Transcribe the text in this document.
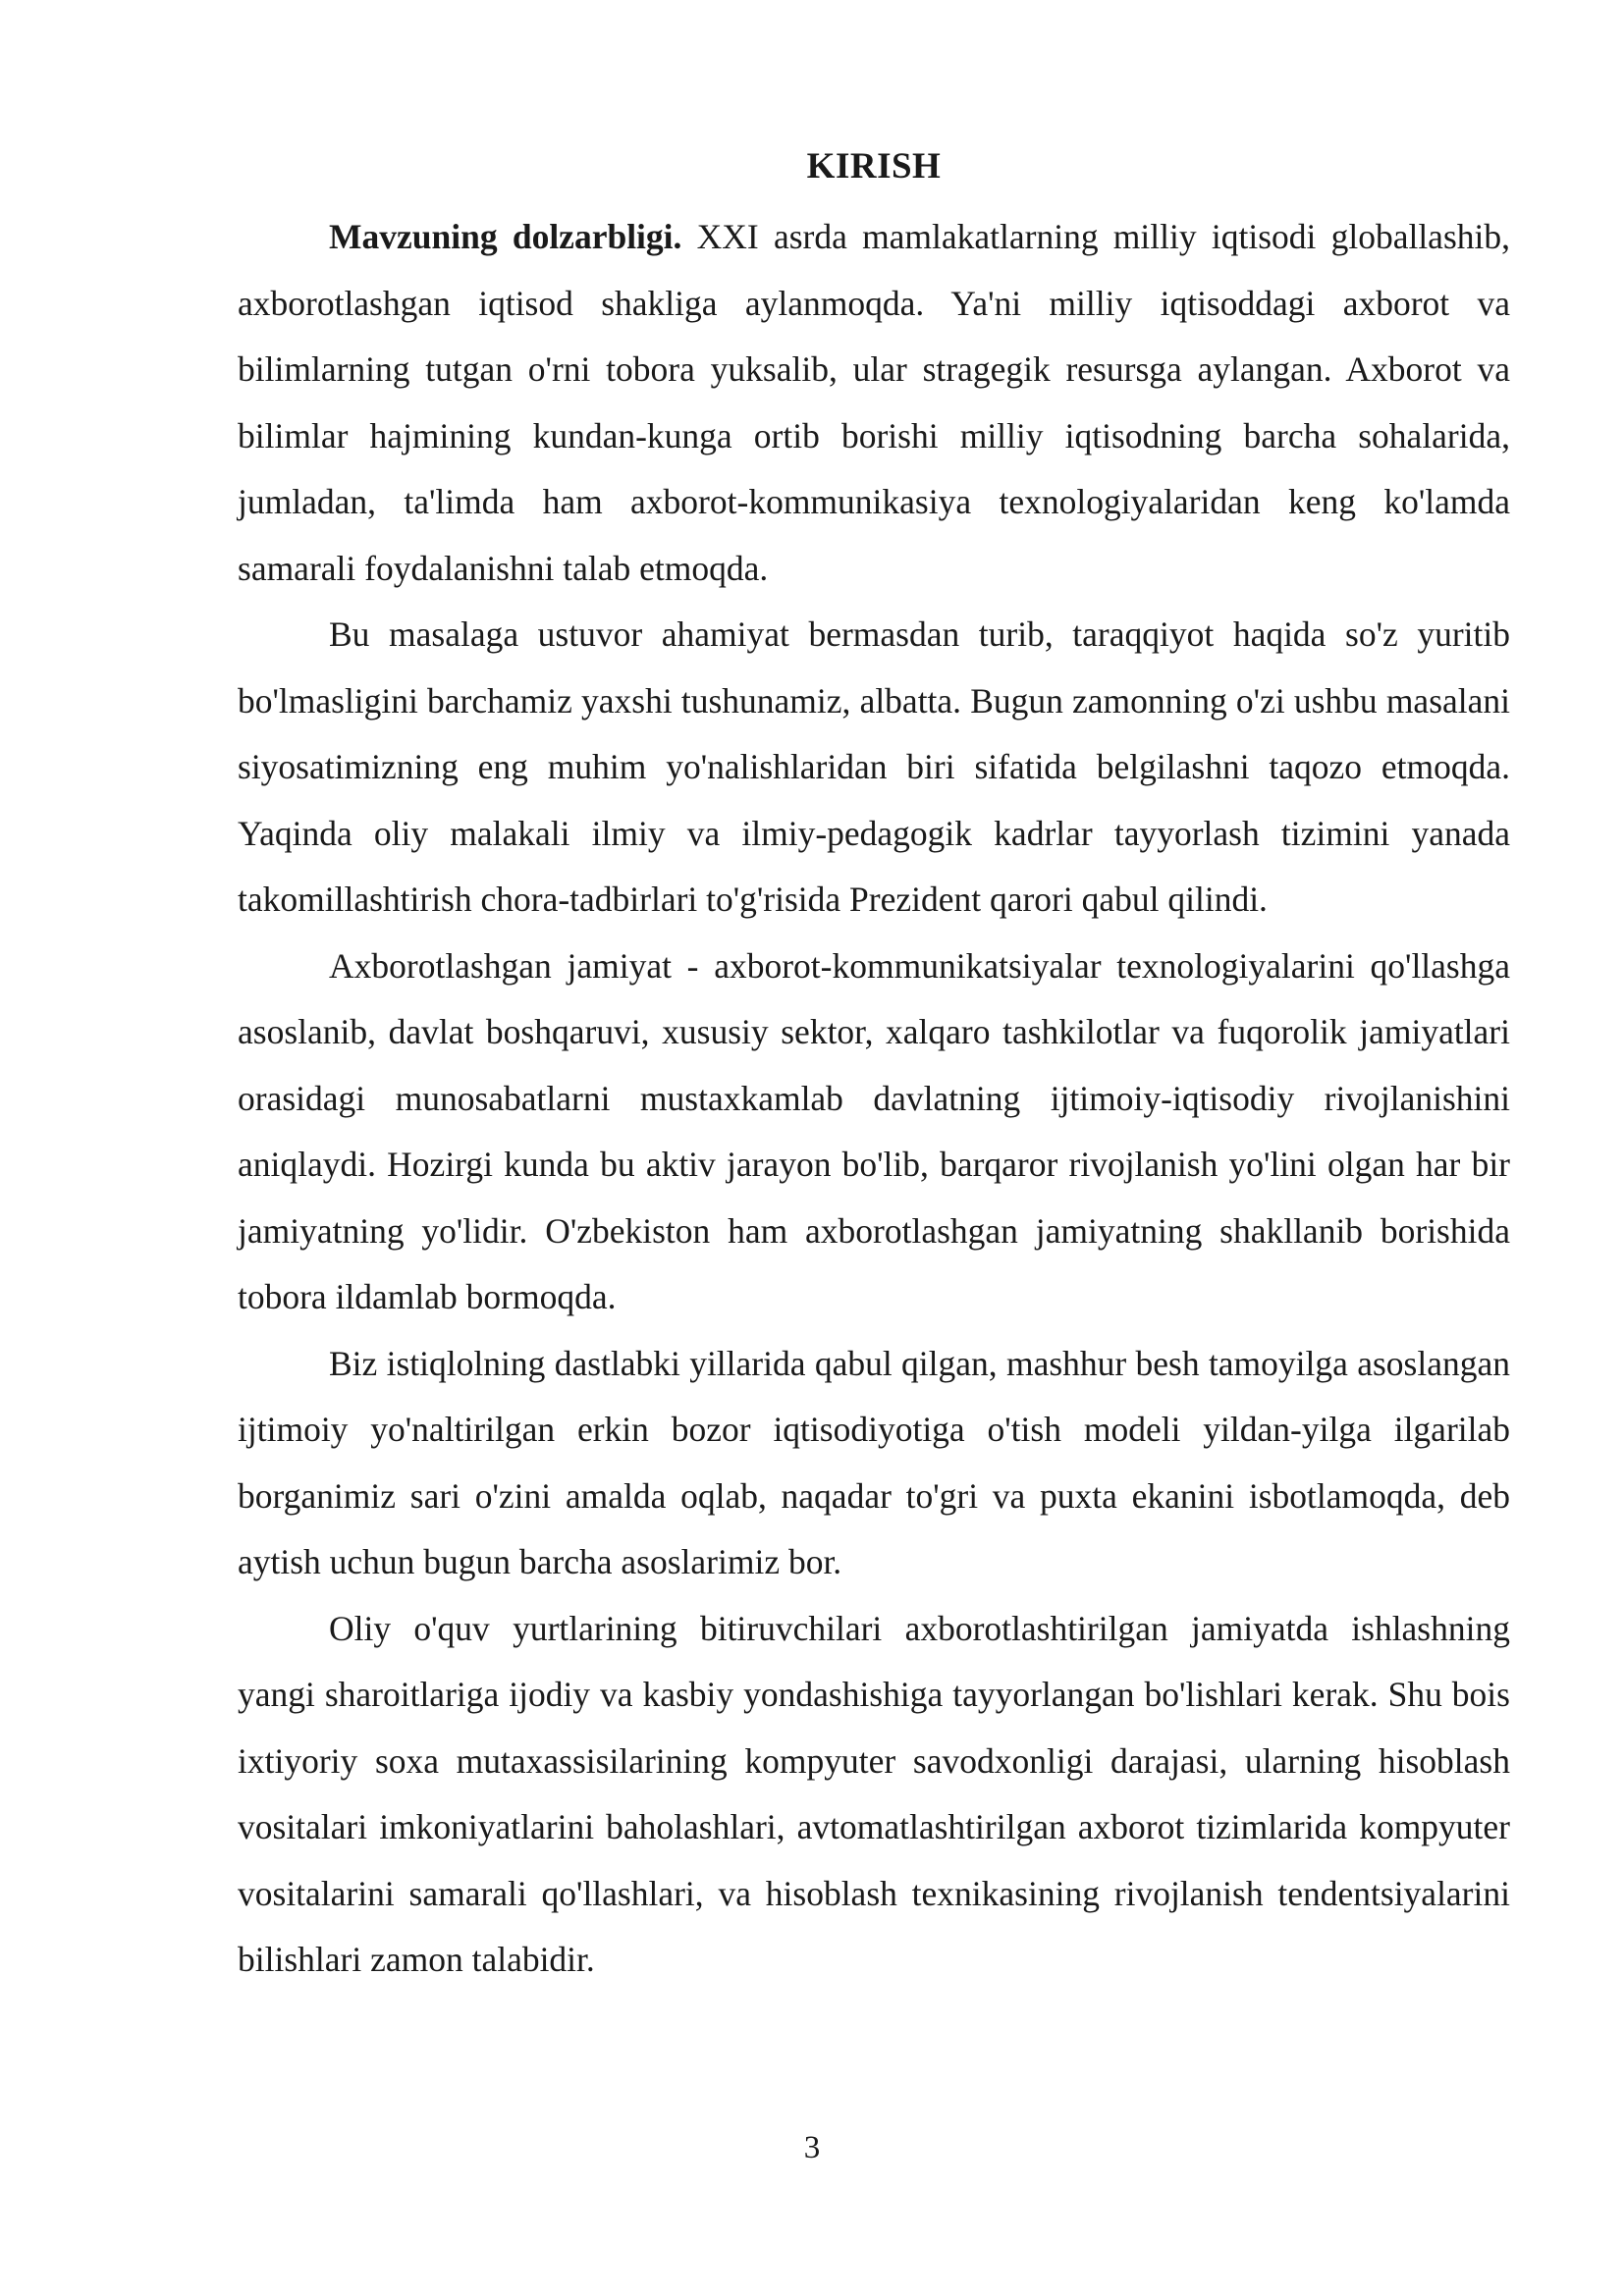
KIRISH

Mavzuning dolzarbligi. XXI asrda mamlakatlarning milliy iqtisodi globallashib, axborotlashgan iqtisod shakliga aylanmoqda. Ya'ni milliy iqtisoddagi axborot va bilimlarning tutgan o'rni tobora yuksalib, ular stragegik resursga aylangan. Axborot va bilimlar hajmining kundan-kunga ortib borishi milliy iqtisodning barcha sohalarida, jumladan, ta'limda ham axborot-kommunikasiya texnologiyalaridan keng ko'lamda samarali foydalanishni talab etmoqda.

Bu masalaga ustuvor ahamiyat bermasdan turib, taraqqiyot haqida so'z yuritib bo'lmasligini barchamiz yaxshi tushunamiz, albatta. Bugun zamonning o'zi ushbu masalani siyosatimizning eng muhim yo'nalishlaridan biri sifatida belgilashni taqozo etmoqda. Yaqinda oliy malakali ilmiy va ilmiy-pedagogik kadrlar tayyorlash tizimini yanada takomillashtirish chora-tadbirlari to'g'risida Prezident qarori qabul qilindi.

Axborotlashgan jamiyat - axborot-kommunikatsiyalar texnologiyalarini qo'llashga asoslanib, davlat boshqaruvi, xususiy sektor, xalqaro tashkilotlar va fuqorolik jamiyatlari orasidagi munosabatlarni mustaxkamlab davlatning ijtimoiy-iqtisodiy rivojlanishini aniqlaydi. Hozirgi kunda bu aktiv jarayon bo'lib, barqaror rivojlanish yo'lini olgan har bir jamiyatning yo'lidir. O'zbekiston ham axborotlashgan jamiyatning shakllanib borishida tobora ildamlab bormoqda.

Biz istiqlolning dastlabki yillarida qabul qilgan, mashhur besh tamoyilga asoslangan ijtimoiy yo'naltirilgan erkin bozor iqtisodiyotiga o'tish modeli yildan-yilga ilgarilab borganimiz sari o'zini amalda oqlab, naqadar to'gri va puxta ekanini isbotlamoqda, deb aytish uchun bugun barcha asoslarimiz bor.

Oliy o'quv yurtlarining bitiruvchilari axborotlashtirilgan jamiyatda ishlashning yangi sharoitlariga ijodiy va kasbiy yondashishiga tayyorlangan bo'lishlari kerak. Shu bois ixtiyoriy soxa mutaxassisilarining kompyuter savodxonligi darajasi, ularning hisoblash vositalari imkoniyatlarini baholashlari, avtomatlashtirilgan axborot tizimlarida kompyuter vositalarini samarali qo'llashlari, va hisoblash texnikasining rivojlanish tendentsiyalarini bilishlari zamon talabidir.

3
